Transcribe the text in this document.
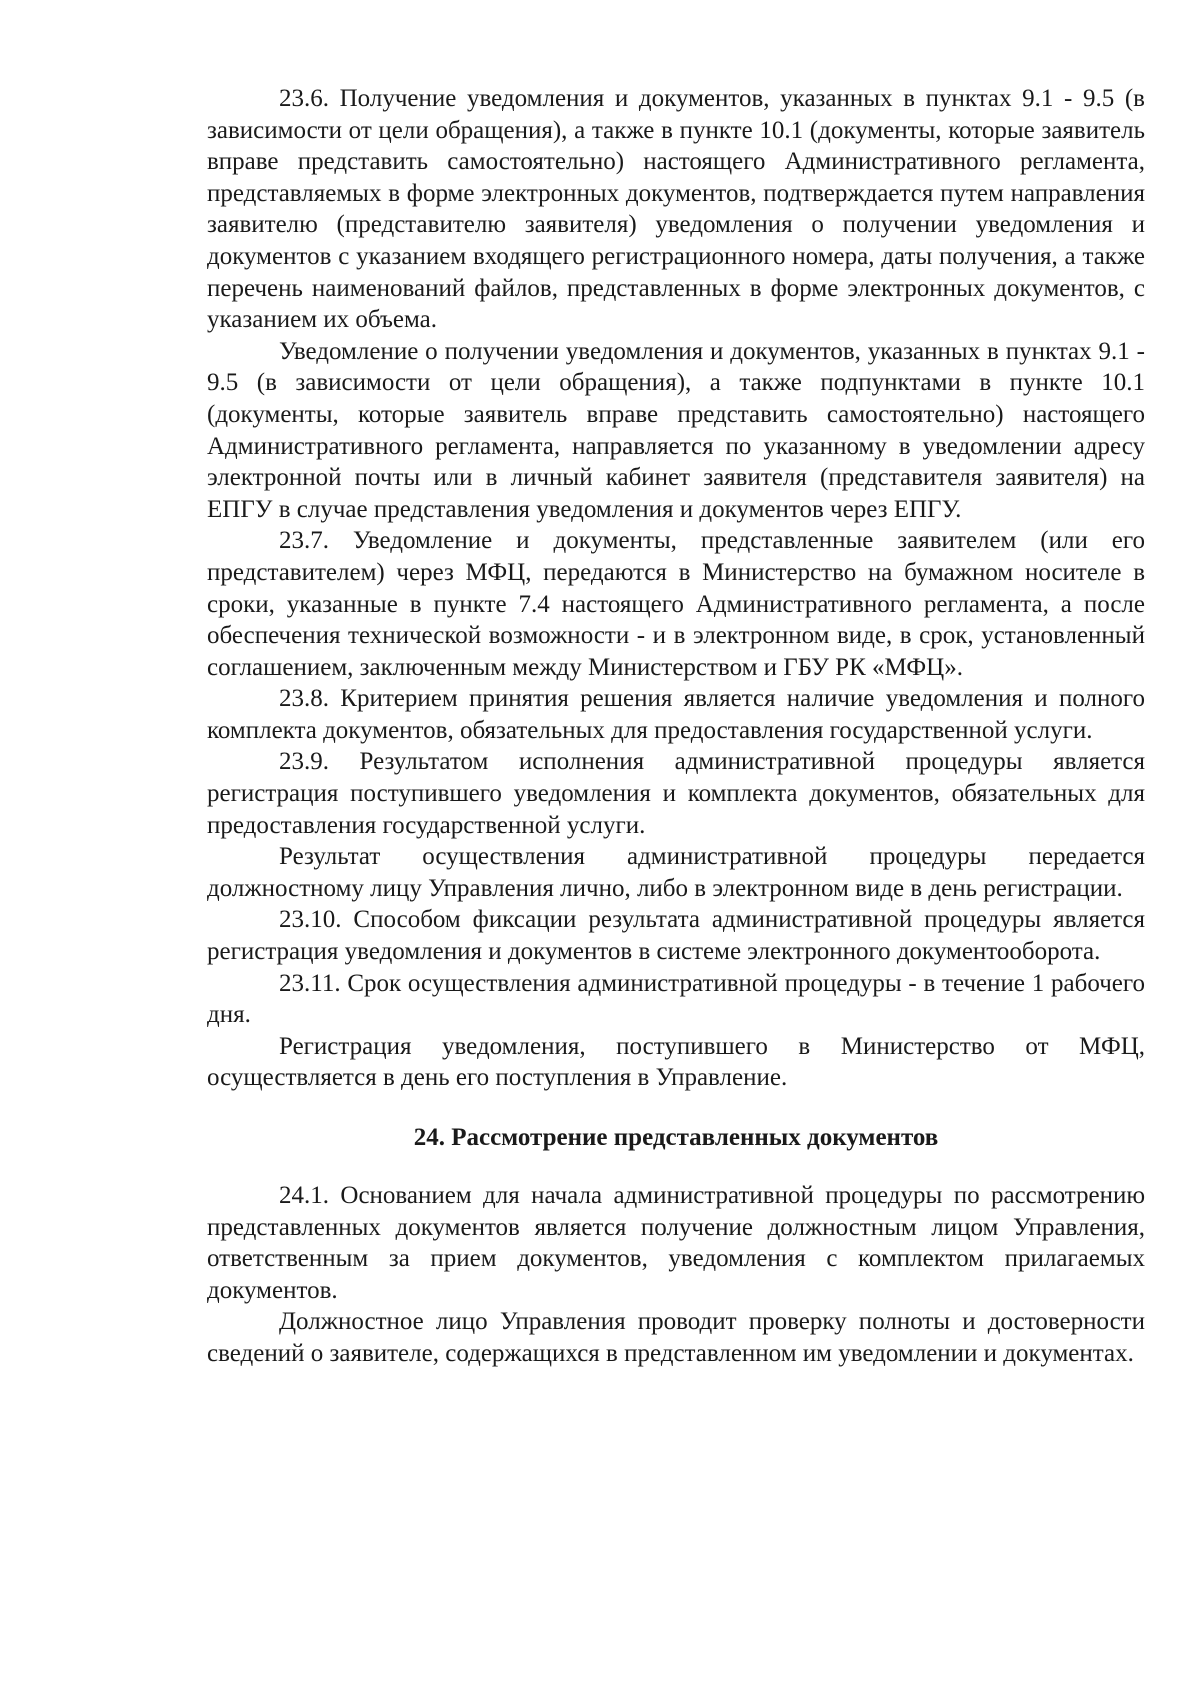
23.6. Получение уведомления и документов, указанных в пунктах 9.1 - 9.5 (в зависимости от цели обращения), а также в пункте 10.1 (документы, которые заявитель вправе представить самостоятельно) настоящего Административного регламента, представляемых в форме электронных документов, подтверждается путем направления заявителю (представителю заявителя) уведомления о получении уведомления и документов с указанием входящего регистрационного номера, даты получения, а также перечень наименований файлов, представленных в форме электронных документов, с указанием их объема.

Уведомление о получении уведомления и документов, указанных в пунктах 9.1 - 9.5 (в зависимости от цели обращения), а также подпунктами в пункте 10.1 (документы, которые заявитель вправе представить самостоятельно) настоящего Административного регламента, направляется по указанному в уведомлении адресу электронной почты или в личный кабинет заявителя (представителя заявителя) на ЕПГУ в случае представления уведомления и документов через ЕПГУ.

23.7. Уведомление и документы, представленные заявителем (или его представителем) через МФЦ, передаются в Министерство на бумажном носителе в сроки, указанные в пункте 7.4 настоящего Административного регламента, а после обеспечения технической возможности - и в электронном виде, в срок, установленный соглашением, заключенным между Министерством и ГБУ РК «МФЦ».

23.8. Критерием принятия решения является наличие уведомления и полного комплекта документов, обязательных для предоставления государственной услуги.

23.9. Результатом исполнения административной процедуры является регистрация поступившего уведомления и комплекта документов, обязательных для предоставления государственной услуги.

Результат осуществления административной процедуры передается должностному лицу Управления лично, либо в электронном виде в день регистрации.

23.10. Способом фиксации результата административной процедуры является регистрация уведомления и документов в системе электронного документооборота.

23.11. Срок осуществления административной процедуры - в течение 1 рабочего дня.

Регистрация уведомления, поступившего в Министерство от МФЦ, осуществляется в день его поступления в Управление.

24. Рассмотрение представленных документов

24.1. Основанием для начала административной процедуры по рассмотрению представленных документов является получение должностным лицом Управления, ответственным за прием документов, уведомления с комплектом прилагаемых документов.

Должностное лицо Управления проводит проверку полноты и достоверности сведений о заявителе, содержащихся в представленном им уведомлении и документах.
